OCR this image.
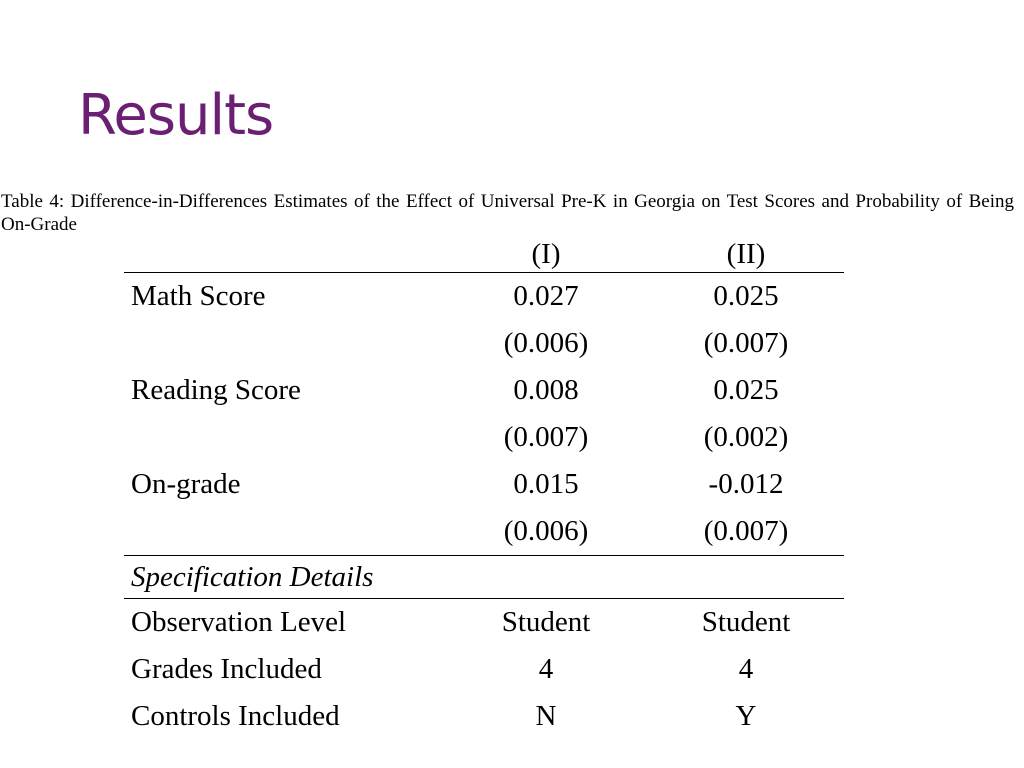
Results

Table 4: Difference-in-Differences Estimates of the Effect of Universal Pre-K in Georgia on Test Scores and Probability of Being On-Grade

	(I)	(II)
Math Score	0.027	0.025
	(0.006)	(0.007)
Reading Score	0.008	0.025
	(0.007)	(0.002)
On-grade	0.015	-0.012
	(0.006)	(0.007)
Specification Details		
Observation Level	Student	Student
Grades Included	4	4
Controls Included	N	Y
